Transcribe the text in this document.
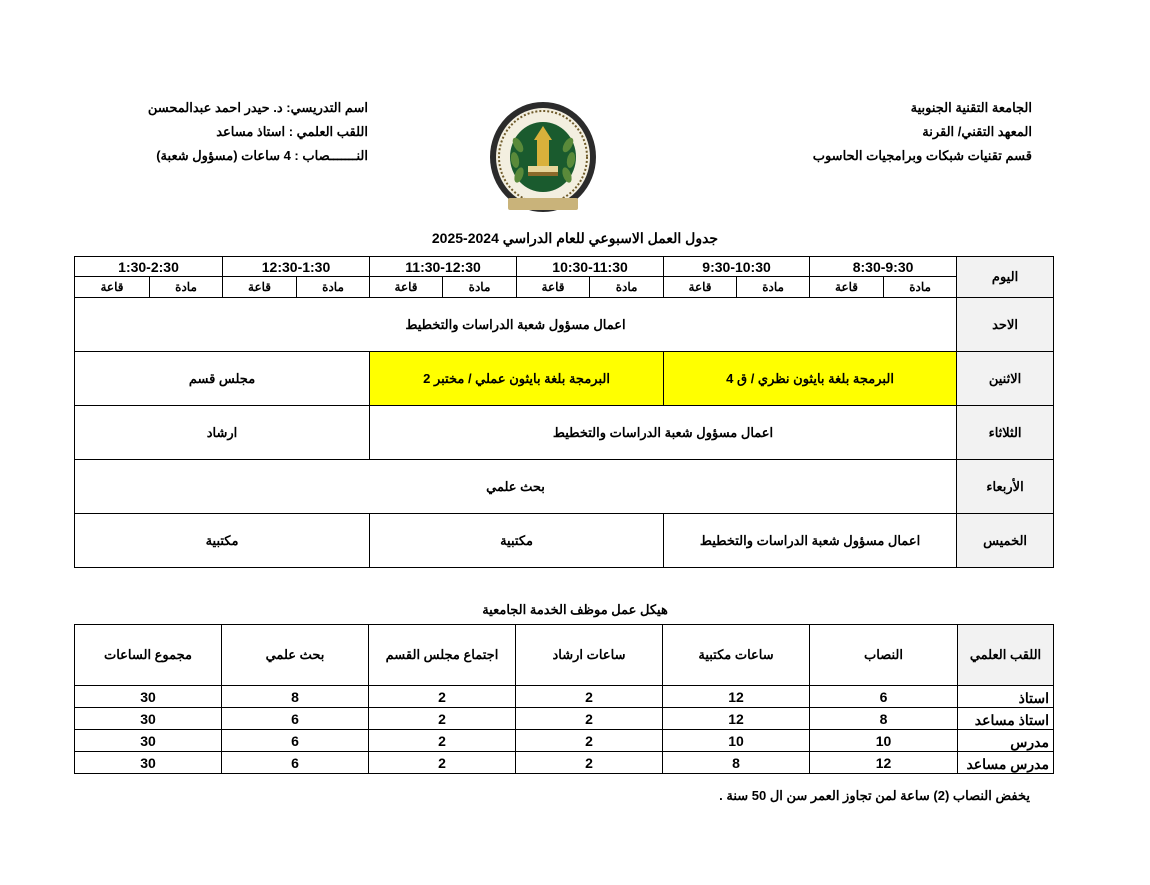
الجامعة التقنية الجنوبية
المعهد التقني/ القرنة
قسم تقنيات شبكات وبرامجيات الحاسوب
اسم التدريسي: د. حيدر احمد عبدالمحسن
اللقب العلمي : استاذ مساعد
النـــــــصاب : 4 ساعات (مسؤول شعبة)
جدول العمل الاسبوعي للعام الدراسي 2024-2025
اليوم	8:30-9:30		9:30-10:30		10:30-11:30		11:30-12:30		12:30-1:30		1:30-2:30	
	مادة	قاعة	مادة	قاعة	مادة	قاعة	مادة	قاعة	مادة	قاعة	مادة	قاعة
الاحد	اعمال مسؤول شعبة الدراسات والتخطيط											
الاثنين	البرمجة بلغة بايثون نظري / ق 4				البرمجة بلغة بايثون عملي / مختبر 2				مجلس قسم			
الثلاثاء	اعمال مسؤول شعبة الدراسات والتخطيط								ارشاد			
الأربعاء	بحث علمي											
الخميس	اعمال مسؤول شعبة الدراسات والتخطيط				مكتبية				مكتبية			
هيكل عمل موظف الخدمة الجامعية
اللقب العلمي	النصاب	ساعات مكتبية	ساعات ارشاد	اجتماع مجلس القسم	بحث علمي	مجموع الساعات
استاذ	6	12	2	2	8	30
استاذ مساعد	8	12	2	2	6	30
مدرس	10	10	2	2	6	30
مدرس مساعد	12	8	2	2	6	30
يخفض النصاب (2) ساعة لمن تجاوز العمر سن ال 50 سنة .
